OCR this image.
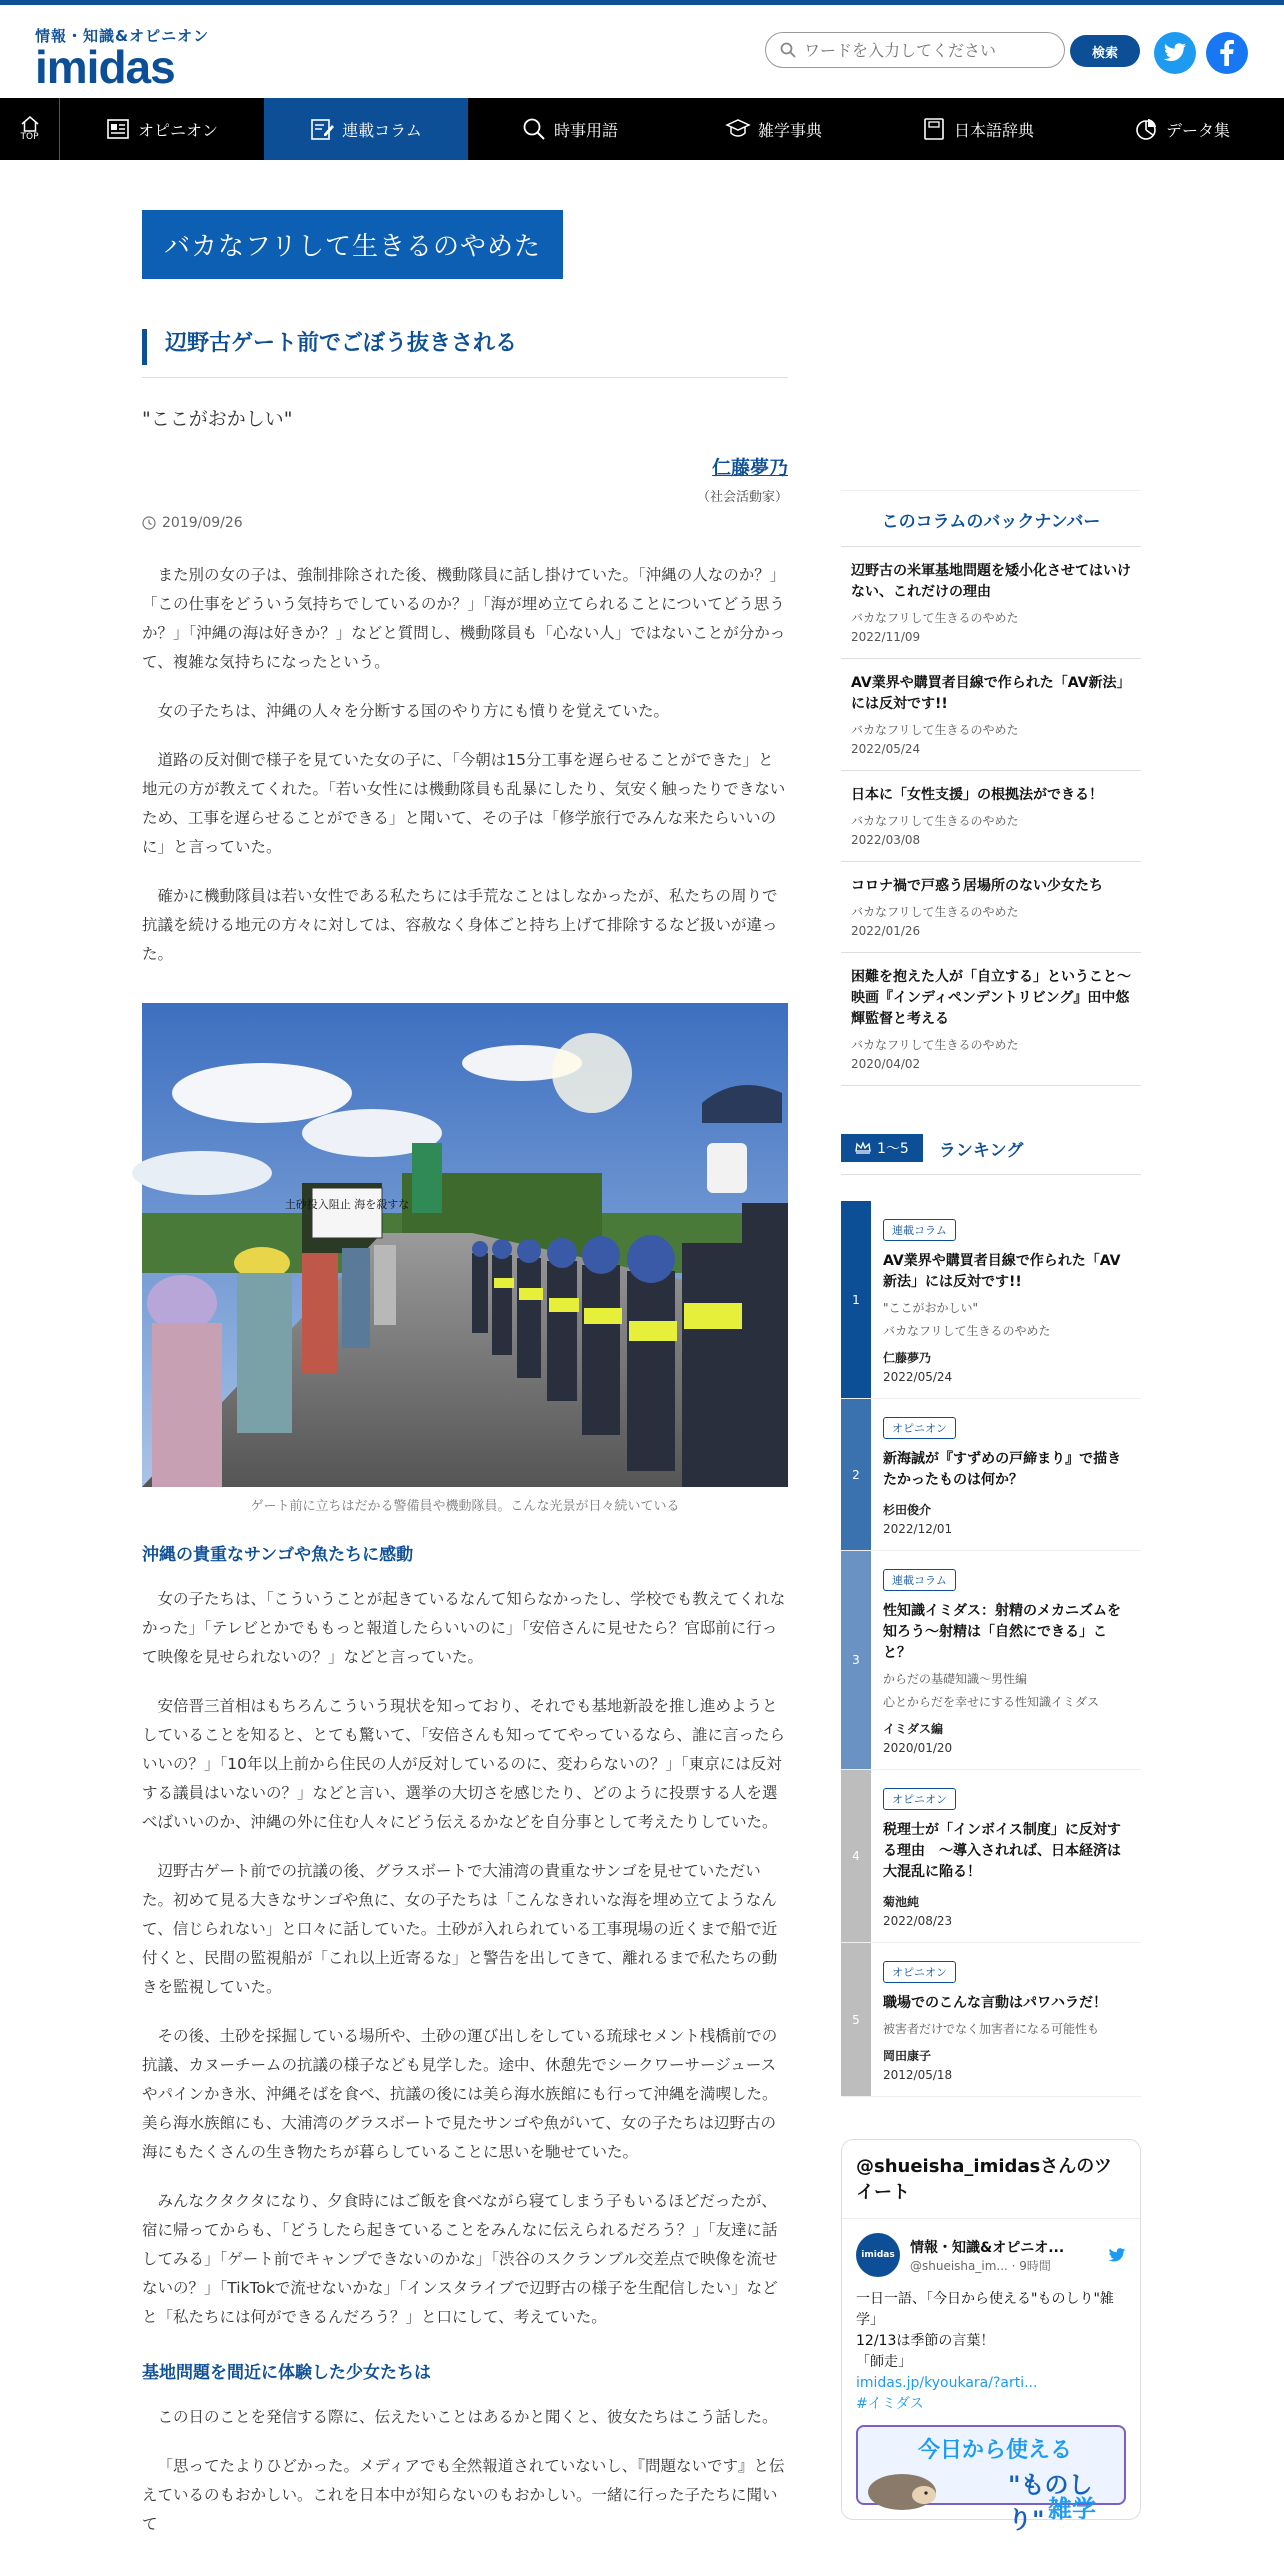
情報・知識&オピニオン
imidas
ワードを入力してください	検索
TOP	オピニオン	連載コラム	時事用語	雑学事典	日本語辞典	データ集
バカなフリして生きるのやめた
辺野古ゲート前でごぼう抜きされる
"ここがおかしい"
仁藤夢乃
（社会活動家）
2019/09/26

また別の女の子は、強制排除された後、機動隊員に話し掛けていた。「沖縄の人なのか？」「この仕事をどういう気持ちでしているのか？」「海が埋め立てられることについてどう思うか？」「沖縄の海は好きか？」などと質問し、機動隊員も「心ない人」ではないことが分かって、複雑な気持ちになったという。

女の子たちは、沖縄の人々を分断する国のやり方にも憤りを覚えていた。

道路の反対側で様子を見ていた女の子に、「今朝は15分工事を遅らせることができた」と地元の方が教えてくれた。「若い女性には機動隊員も乱暴にしたり、気安く触ったりできないため、工事を遅らせることができる」と聞いて、その子は「修学旅行でみんな来たらいいのに」と言っていた。

確かに機動隊員は若い女性である私たちには手荒なことはしなかったが、私たちの周りで抗議を続ける地元の方々に対しては、容赦なく身体ごと持ち上げて排除するなど扱いが違った。

土砂投入阻止 海を殺すな
ゲート前に立ちはだかる警備員や機動隊員。こんな光景が日々続いている
沖縄の貴重なサンゴや魚たちに感動

女の子たちは、「こういうことが起きているなんて知らなかったし、学校でも教えてくれなかった」「テレビとかでももっと報道したらいいのに」「安倍さんに見せたら？官邸前に行って映像を見せられないの？」などと言っていた。

安倍晋三首相はもちろんこういう現状を知っており、それでも基地新設を推し進めようとしていることを知ると、とても驚いて、「安倍さんも知っててやっているなら、誰に言ったらいいの？」「10年以上前から住民の人が反対しているのに、変わらないの？」「東京には反対する議員はいないの？」などと言い、選挙の大切さを感じたり、どのように投票する人を選べばいいのか、沖縄の外に住む人々にどう伝えるかなどを自分事として考えたりしていた。

辺野古ゲート前での抗議の後、グラスボートで大浦湾の貴重なサンゴを見せていただいた。初めて見る大きなサンゴや魚に、女の子たちは「こんなきれいな海を埋め立てようなんて、信じられない」と口々に話していた。土砂が入れられている工事現場の近くまで船で近付くと、民間の監視船が「これ以上近寄るな」と警告を出してきて、離れるまで私たちの動きを監視していた。

その後、土砂を採掘している場所や、土砂の運び出しをしている琉球セメント桟橋前での抗議、カヌーチームの抗議の様子なども見学した。途中、休憩先でシークワーサージュースやパインかき氷、沖縄そばを食べ、抗議の後には美ら海水族館にも行って沖縄を満喫した。美ら海水族館にも、大浦湾のグラスボートで見たサンゴや魚がいて、女の子たちは辺野古の海にもたくさんの生き物たちが暮らしていることに思いを馳せていた。

みんなクタクタになり、夕食時にはご飯を食べながら寝てしまう子もいるほどだったが、宿に帰ってからも、「どうしたら起きていることをみんなに伝えられるだろう？」「友達に話してみる」「ゲート前でキャンプできないのかな」「渋谷のスクランブル交差点で映像を流せないの？」「TikTokで流せないかな」「インスタライブで辺野古の様子を生配信したい」などと「私たちには何ができるんだろう？」と口にして、考えていた。

基地問題を間近に体験した少女たちは

この日のことを発信する際に、伝えたいことはあるかと聞くと、彼女たちはこう話した。

「思ってたよりひどかった。メディアでも全然報道されていないし、『問題ないです』と伝えているのもおかしい。これを日本中が知らないのもおかしい。一緒に行った子たちに聞いて

このコラムのバックナンバー
辺野古の米軍基地問題を矮小化させてはいけない、これだけの理由
バカなフリして生きるのやめた
2022/11/09
AV業界や購買者目線で作られた「AV新法」には反対です!!
バカなフリして生きるのやめた
2022/05/24
日本に「女性支援」の根拠法ができる！
バカなフリして生きるのやめた
2022/03/08
コロナ禍で戸惑う居場所のない少女たち
バカなフリして生きるのやめた
2022/01/26
困難を抱えた人が「自立する」ということ〜映画『インディペンデントリビング』田中悠輝監督と考える
バカなフリして生きるのやめた
2020/04/02
1～5 ランキング
1
連載コラム
AV業界や購買者目線で作られた「AV新法」には反対です!!
"ここがおかしい"
バカなフリして生きるのやめた
仁藤夢乃
2022/05/24
2
オピニオン
新海誠が『すずめの戸締まり』で描きたかったものは何か？
杉田俊介
2022/12/01
3
連載コラム
性知識イミダス：射精のメカニズムを知ろう～射精は「自然にできる」こと？
からだの基礎知識～男性編
心とからだを幸せにする性知識イミダス
イミダス編
2020/01/20
4
オピニオン
税理士が「インボイス制度」に反対する理由　～導入されれば、日本経済は大混乱に陥る！
菊池純
2022/08/23
5
オピニオン
職場でのこんな言動はパワハラだ！
被害者だけでなく加害者になる可能性も
岡田康子
2012/05/18
@shueisha_imidasさんのツイート
imidas	情報・知識&オピニオ...
@shueisha_im... · 9時間
一日一語、「今日から使える"ものしり"雑学」
12/13は季節の言葉！
「師走」
imidas.jp/kyoukara/?arti...
#イミダス
今日から使える
"ものしり" 雑学
